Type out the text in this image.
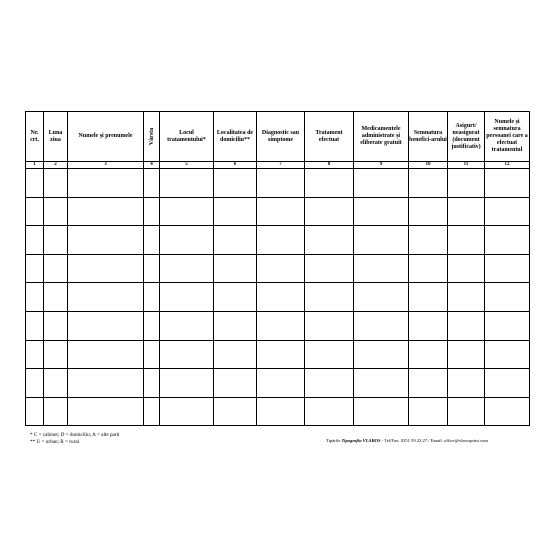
Nr. crt.	Luna ziua	Numele și prenumele	Vârsta	Locul tratamentului*	Localitatea de domiciliu**	Diagnostic sau simptome	Tratament efectuat	Medicamentele administrate și eliberate gratuit	Semnatura benefici-arului	Asigurt/ neasigurat (document justificativ)	Numele și semnatura persoanei care a efectuat tratamentul
1	2	3	4	5	6	7	8	9	10	11	12

* C = cabinet; D = domiciliu; A = alte parti
** U = urban; R = rural	Tipările Tipografia VLAROS - Tel/Fax: 0251 59 23 27 / Email: office@vlarosprint.com
